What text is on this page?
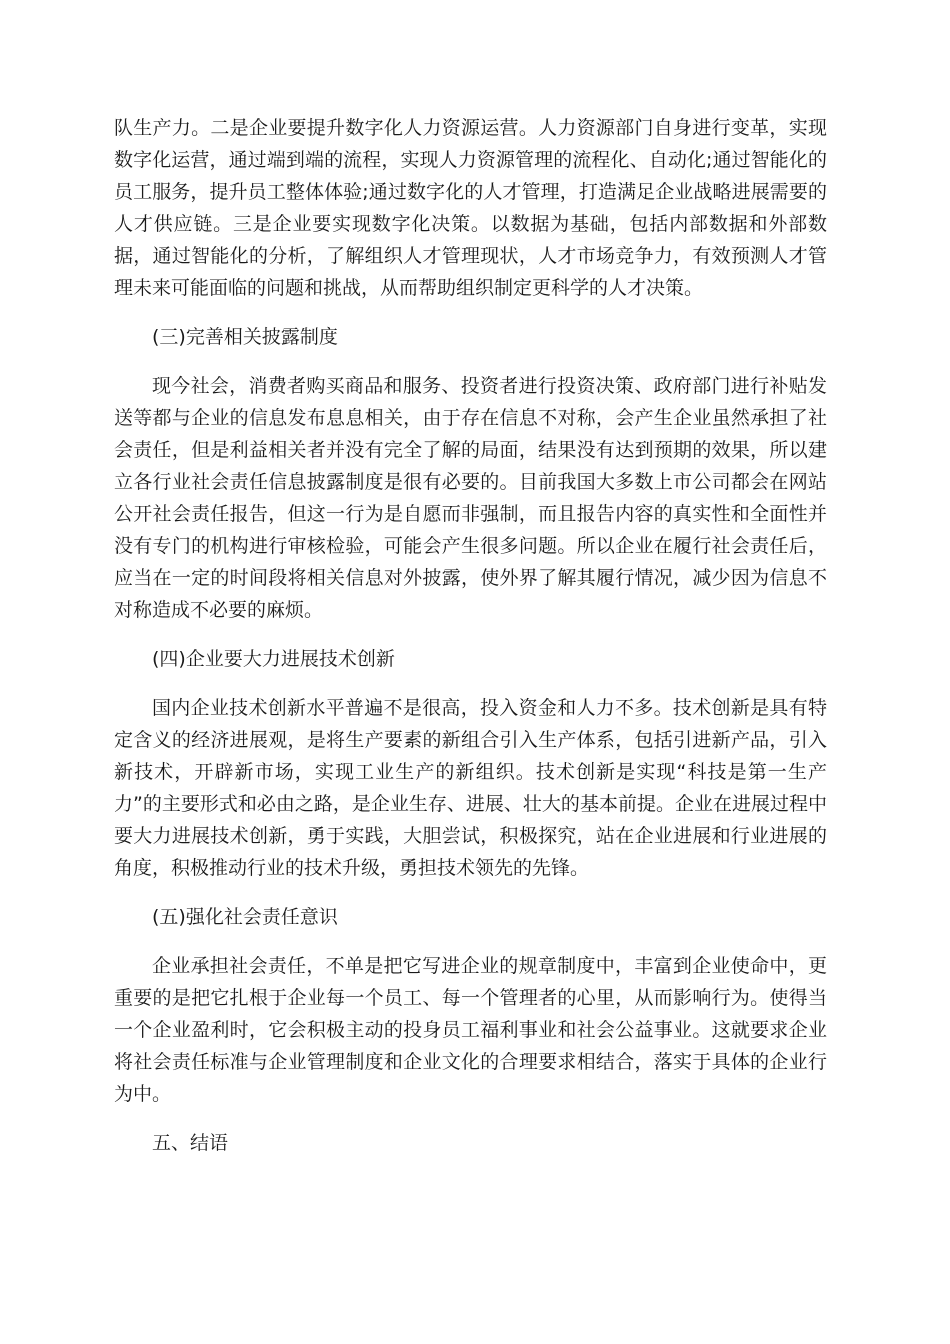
队生产力。二是企业要提升数字化人力资源运营。人力资源部门自身进行变革，实现数字化运营，通过端到端的流程，实现人力资源管理的流程化、自动化;通过智能化的员工服务，提升员工整体体验;通过数字化的人才管理，打造满足企业战略进展需要的人才供应链。三是企业要实现数字化决策。以数据为基础，包括内部数据和外部数据，通过智能化的分析，了解组织人才管理现状，人才市场竞争力，有效预测人才管理未来可能面临的问题和挑战，从而帮助组织制定更科学的人才决策。

(三)完善相关披露制度

现今社会，消费者购买商品和服务、投资者进行投资决策、政府部门进行补贴发送等都与企业的信息发布息息相关，由于存在信息不对称，会产生企业虽然承担了社会责任，但是利益相关者并没有完全了解的局面，结果没有达到预期的效果，所以建立各行业社会责任信息披露制度是很有必要的。目前我国大多数上市公司都会在网站公开社会责任报告，但这一行为是自愿而非强制，而且报告内容的真实性和全面性并没有专门的机构进行审核检验，可能会产生很多问题。所以企业在履行社会责任后，应当在一定的时间段将相关信息对外披露，使外界了解其履行情况，减少因为信息不对称造成不必要的麻烦。

(四)企业要大力进展技术创新

国内企业技术创新水平普遍不是很高，投入资金和人力不多。技术创新是具有特定含义的经济进展观，是将生产要素的新组合引入生产体系，包括引进新产品，引入新技术，开辟新市场，实现工业生产的新组织。技术创新是实现“科技是第一生产力”的主要形式和必由之路，是企业生存、进展、壮大的基本前提。企业在进展过程中要大力进展技术创新，勇于实践，大胆尝试，积极探究，站在企业进展和行业进展的角度，积极推动行业的技术升级，勇担技术领先的先锋。

(五)强化社会责任意识

企业承担社会责任，不单是把它写进企业的规章制度中，丰富到企业使命中，更重要的是把它扎根于企业每一个员工、每一个管理者的心里，从而影响行为。使得当一个企业盈利时，它会积极主动的投身员工福利事业和社会公益事业。这就要求企业将社会责任标准与企业管理制度和企业文化的合理要求相结合，落实于具体的企业行为中。

五、结语
